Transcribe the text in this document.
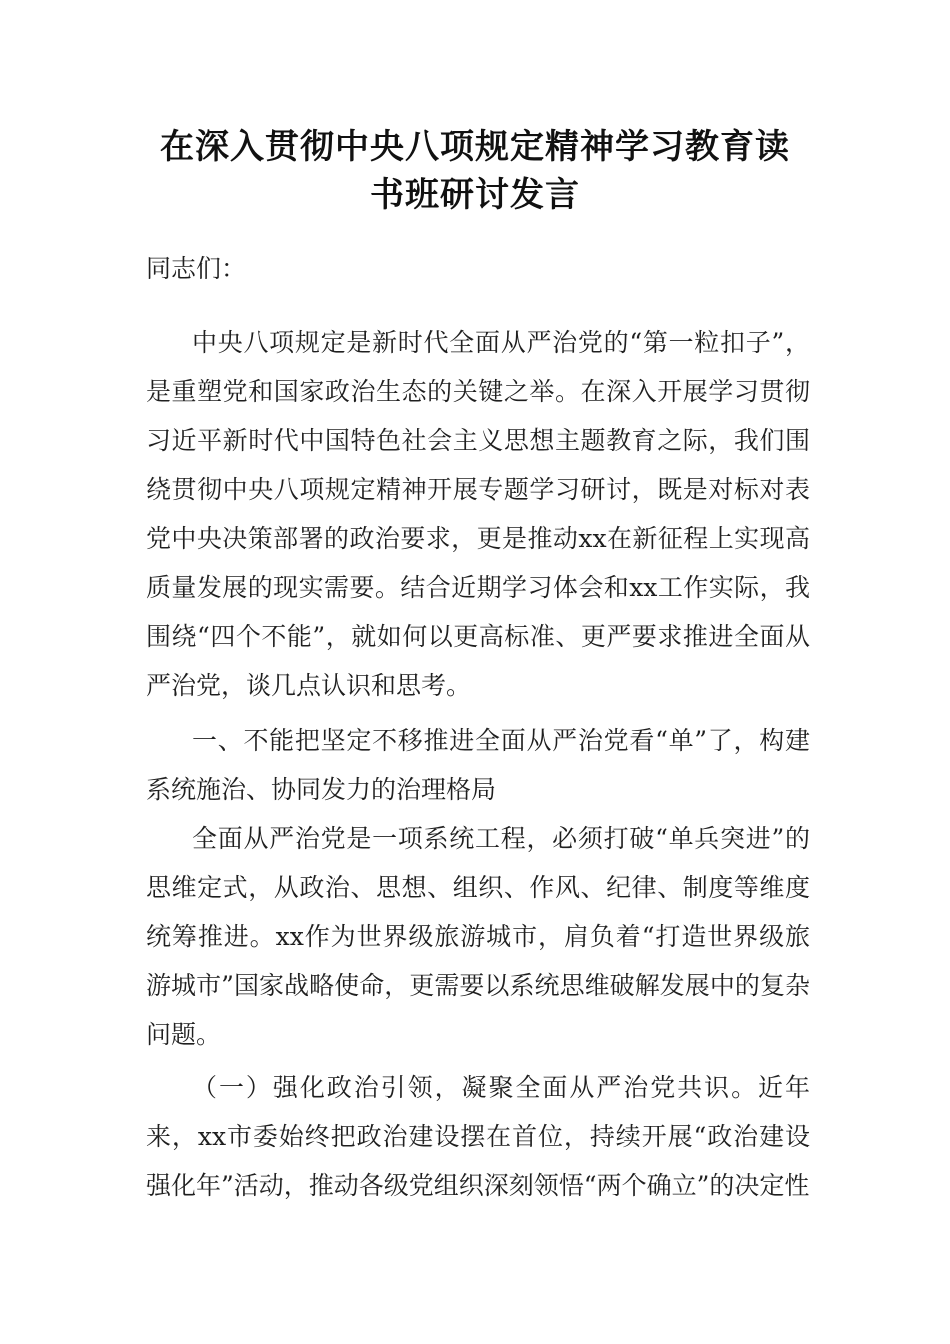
在深入贯彻中央八项规定精神学习教育读
书班研讨发言

同志们：

中央八项规定是新时代全面从严治党的“第一粒扣子”，是重塑党和国家政治生态的关键之举。在深入开展学习贯彻习近平新时代中国特色社会主义思想主题教育之际，我们围绕贯彻中央八项规定精神开展专题学习研讨，既是对标对表党中央决策部署的政治要求，更是推动xx在新征程上实现高质量发展的现实需要。结合近期学习体会和xx工作实际，我围绕“四个不能”，就如何以更高标准、更严要求推进全面从严治党，谈几点认识和思考。

一、不能把坚定不移推进全面从严治党看“单”了，构建系统施治、协同发力的治理格局

全面从严治党是一项系统工程，必须打破“单兵突进”的思维定式，从政治、思想、组织、作风、纪律、制度等维度统筹推进。xx作为世界级旅游城市，肩负着“打造世界级旅游城市”国家战略使命，更需要以系统思维破解发展中的复杂问题。

（一）强化政治引领，凝聚全面从严治党共识。近年来，xx市委始终把政治建设摆在首位，持续开展“政治建设强化年”活动，推动各级党组织深刻领悟“两个确立”的决定性
